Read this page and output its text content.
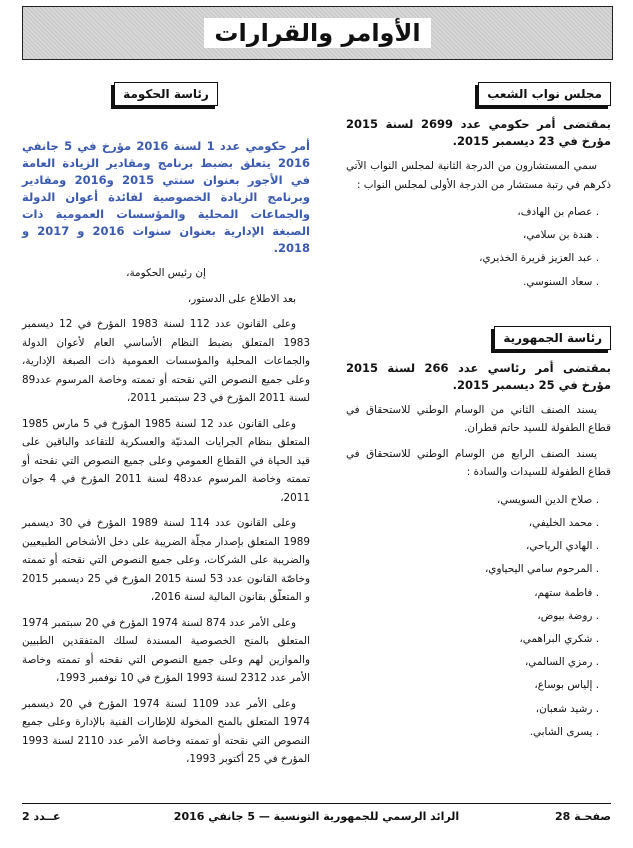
الأوامر والقرارات
مجلس نواب الشعب

بمقتضى أمر حكومي عدد 2699 لسنة 2015 مؤرخ في 23 ديسمبر 2015.

سمي المستشارون من الدرجة الثانية لمجلس النواب الآتي ذكرهم في رتبة مستشار من الدرجة الأولى لمجلس النواب :

. عصام بن الهادف،
. هندة بن سلامي،
. عبد العزيز قريرة الخذيري،
. سعاد السنوسي.
رئاسة الجمهورية

بمقتضى أمر رئاسي عدد 266 لسنة 2015 مؤرخ في 25 ديسمبر 2015.

يسند الصنف الثاني من الوسام الوطني للاستحقاق في قطاع الطفولة للسيد حاتم قطران.

يسند الصنف الرابع من الوسام الوطني للاستحقاق في قطاع الطفولة للسيدات والسادة :

. صلاح الدين السويسي،
. محمد الخليفي،
. الهادي الرياحي،
. المرحوم سامي اليحياوي،
. فاطمة ستهم،
. روضة بيوض،
. شكري البراهمي،
. رمزي السالمي،
. إلياس بوساع،
. رشيد شعبان،
. يسرى الشابي.
رئاسة الحكومة

أمر حكومي عدد 1 لسنة 2016 مؤرخ في 5 جانفي 2016 يتعلق بضبط برنامج ومقادير الزيادة العامة في الأجور بعنوان سنتي 2015 و2016 ومقادير وبرنامج الزيادة الخصوصية لفائدة أعوان الدولة والجماعات المحلية والمؤسسات العمومية ذات الصبغة الإدارية بعنوان سنوات 2016 و 2017 و 2018.

إن رئيس الحكومة،

بعد الاطلاع على الدستور،

وعلى القانون عدد 112 لسنة 1983 المؤرخ في 12 ديسمبر 1983 المتعلق بضبط النظام الأساسي العام لأعوان الدولة والجماعات المحلية والمؤسسات العمومية ذات الصبغة الإدارية، وعلى جميع النصوص التي نقحته أو تممته وخاصة المرسوم عدد89 لسنة 2011 المؤرخ في 23 سبتمبر 2011،

وعلى القانون عدد 12 لسنة 1985 المؤرخ في 5 مارس 1985 المتعلق بنظام الجرايات المدنيّة والعسكرية للتقاعد والباقين على قيد الحياة في القطاع العمومي وعلى جميع النصوص التي نقحته أو تممته وخاصة المرسوم عدد48 لسنة 2011 المؤرخ في 4 جوان 2011،

وعلى القانون عدد 114 لسنة 1989 المؤرخ في 30 ديسمبر 1989 المتعلق بإصدار مجلّة الضريبة على دخل الأشخاص الطبيعيين والضريبة على الشركات، وعلى جميع النصوص التي نقحته أو تممته وخاصّة القانون عدد 53 لسنة 2015 المؤرخ في 25 ديسمبر 2015 و المتعلّق بقانون المالية لسنة 2016،

وعلى الأمر عدد 874 لسنة 1974 المؤرخ في 20 سبتمبر 1974 المتعلق بالمنح الخصوصية المسندة لسلك المتفقدين الطبيين والموازين لهم وعلى جميع النصوص التي نقحته أو تممته وخاصة الأمر عدد 2312 لسنة 1993 المؤرخ في 10 نوفمبر 1993،

وعلى الأمر عدد 1109 لسنة 1974 المؤرخ في 20 ديسمبر 1974 المتعلق بالمنح المخولة للإطارات الفنية بالإدارة وعلى جميع النصوص التي نقحته أو تممته وخاصة الأمر عدد 2110 لسنة 1993 المؤرخ في 25 أكتوبر 1993،

صفحـة 28
الرائد الرسمي للجمهورية التونسية — 5 جانفي 2016
عــدد 2
